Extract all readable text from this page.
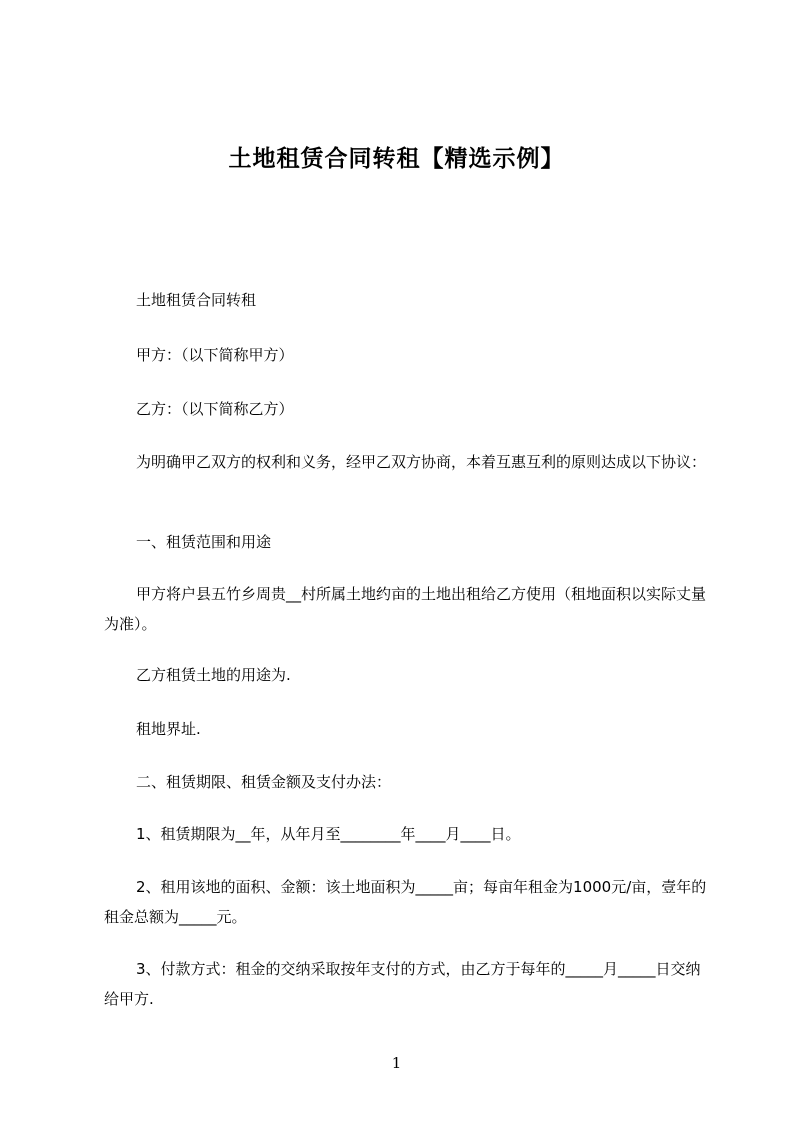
土地租赁合同转租【精选示例】
土地租赁合同转租
甲方：（以下简称甲方）
乙方：（以下简称乙方）
为明确甲乙双方的权利和义务，经甲乙双方协商，本着互惠互利的原则达成以下协议：
一、租赁范围和用途
甲方将户县五竹乡周贵__村所属土地约亩的土地出租给乙方使用（租地面积以实际丈量为准）。
乙方租赁土地的用途为.
租地界址.
二、租赁期限、租赁金额及支付办法：
1、租赁期限为__年，从年月至________年____月____日。
2、租用该地的面积、金额：该土地面积为_____亩；每亩年租金为1000元/亩，壹年的租金总额为_____元。
3、付款方式：租金的交纳采取按年支付的方式，由乙方于每年的_____月_____日交纳给甲方.
1
